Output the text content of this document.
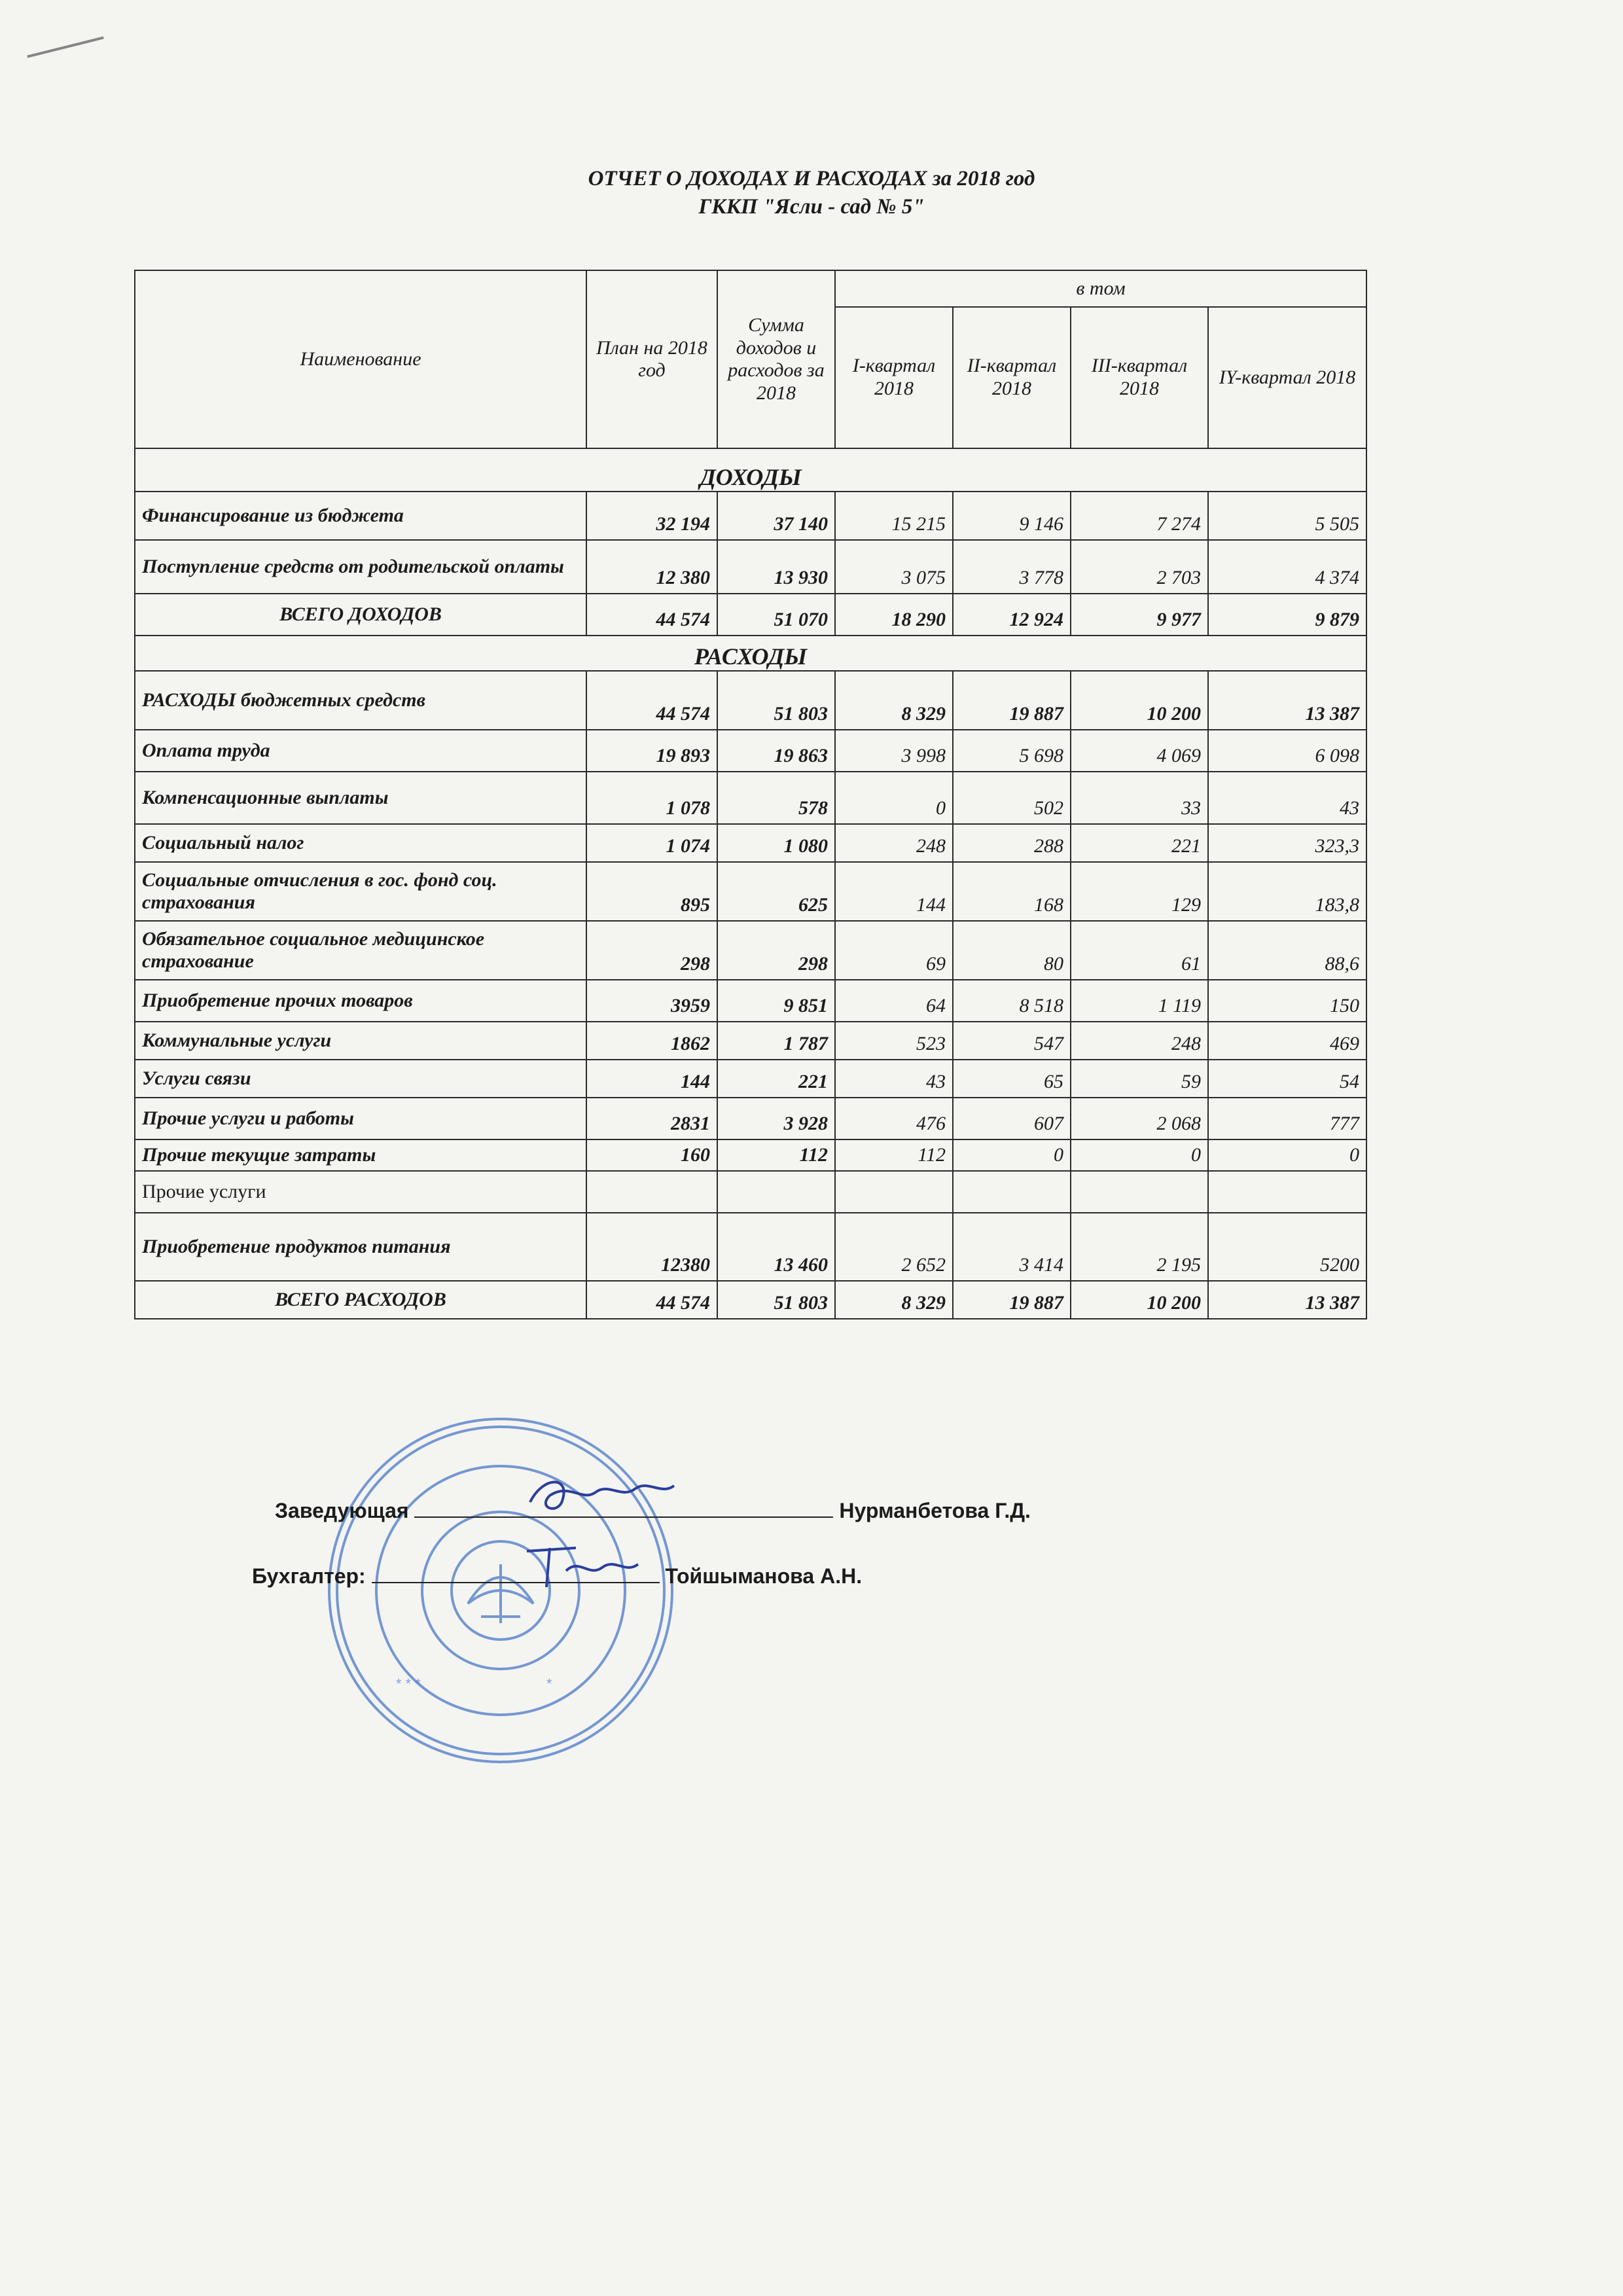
ОТЧЕТ О ДОХОДАХ И РАСХОДАХ за 2018 год
ГККП "Ясли - сад № 5"
Наименование	План на 2018 год	Сумма доходов и расходов за 2018	в том			
			I-квартал 2018	II-квартал 2018	III-квартал 2018	IY-квартал 2018
ДОХОДЫ						
Финансирование из бюджета	32 194	37 140	15 215	9 146	7 274	5 505
Поступление средств от родительской оплаты	12 380	13 930	3 075	3 778	2 703	4 374
ВСЕГО ДОХОДОВ	44 574	51 070	18 290	12 924	9 977	9 879
РАСХОДЫ						
РАСХОДЫ бюджетных средств	44 574	51 803	8 329	19 887	10 200	13 387
Оплата труда	19 893	19 863	3 998	5 698	4 069	6 098
Компенсационные выплаты	1 078	578	0	502	33	43
Социальный налог	1 074	1 080	248	288	221	323,3
Социальные отчисления в гос. фонд соц. страхования	895	625	144	168	129	183,8
Обязательное социальное медицинское страхование	298	298	69	80	61	88,6
Приобретение прочих товаров	3959	9 851	64	8 518	1 119	150
Коммунальные услуги	1862	1 787	523	547	248	469
Услуги связи	144	221	43	65	59	54
Прочие услуги и работы	2831	3 928	476	607	2 068	777
Прочие текущие затраты	160	112	112	0	0	0
Прочие услуги						
Приобретение продуктов питания	12380	13 460	2 652	3 414	2 195	5200
ВСЕГО РАСХОДОВ	44 574	51 803	8 329	19 887	10 200	13 387
* * *	*
Заведующая	Нурманбетова Г.Д.
Бухгалтер:	Тойшыманова А.Н.
